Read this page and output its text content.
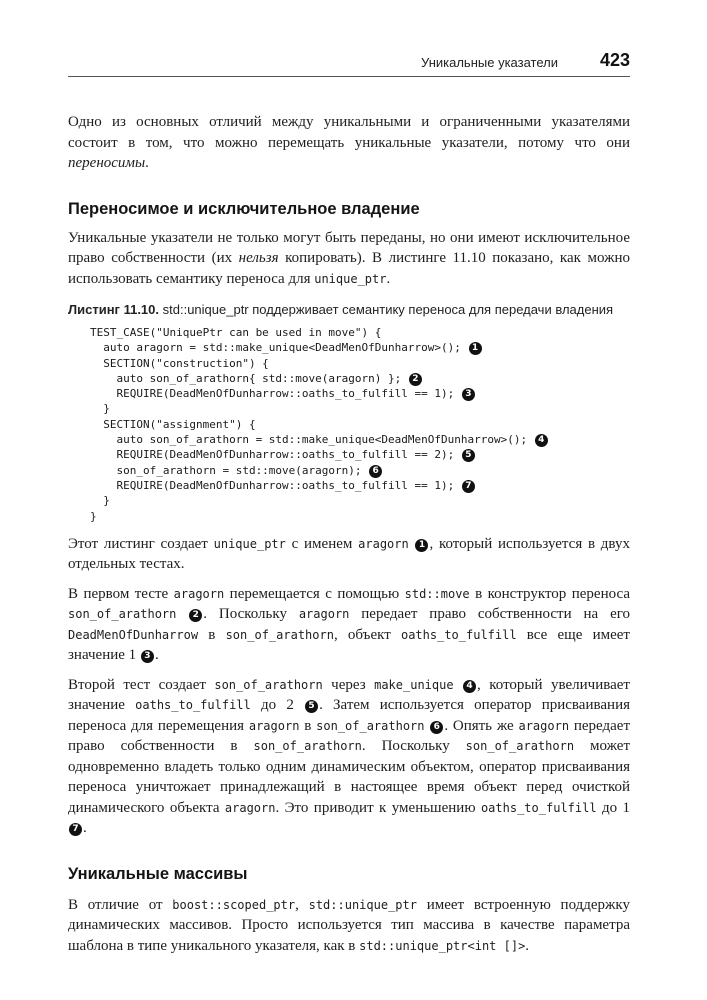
Уникальные указатели 423

Одно из основных отличий между уникальными и ограниченными указателями состоит в том, что можно перемещать уникальные указатели, потому что они переносимы.

Переносимое и исключительное владение

Уникальные указатели не только могут быть переданы, но они имеют исключительное право собственности (их нельзя копировать). В листинге 11.10 показано, как можно использовать семантику переноса для unique_ptr.

Листинг 11.10. std::unique_ptr поддерживает семантику переноса для передачи владения

TEST_CASE("UniquePtr can be used in move") {
auto aragorn = std::make_unique<DeadMenOfDunharrow>(); 1
SECTION("construction") {
auto son_of_arathorn{ std::move(aragorn) }; 2
REQUIRE(DeadMenOfDunharrow::oaths_to_fulfill == 1); 3
}
SECTION("assignment") {
auto son_of_arathorn = std::make_unique<DeadMenOfDunharrow>(); 4
REQUIRE(DeadMenOfDunharrow::oaths_to_fulfill == 2); 5
son_of_arathorn = std::move(aragorn); 6
REQUIRE(DeadMenOfDunharrow::oaths_to_fulfill == 1); 7
}
}

Этот листинг создает unique_ptr с именем aragorn 1 , который используется в двух отдельных тестах.

В первом тесте aragorn перемещается с помощью std::move в конструктор переноса son_of_arathorn 2 . Поскольку aragorn передает право собственности на его DeadMenOfDunharrow в son_of_arathorn, объект oaths_to_fulfill все еще имеет значение 1 3 .

Второй тест создает son_of_arathorn через make_unique 4 , который увеличивает значение oaths_to_fulfill до 2 5 . Затем используется оператор присваивания переноса для перемещения aragorn в son_of_arathorn 6 . Опять же aragorn передает право собственности в son_of_arathorn. Поскольку son_of_arathorn может одновременно владеть только одним динамическим объектом, оператор присваивания переноса уничтожает принадлежащий в настоящее время объект перед очисткой динамического объекта aragorn. Это приводит к уменьшению oaths_to_fulfill до 1 7 .

Уникальные массивы

В отличие от boost::scoped_ptr, std::unique_ptr имеет встроенную поддержку динамических массивов. Просто используется тип массива в качестве параметра шаблона в типе уникального указателя, как в std::unique_ptr<int []>.
